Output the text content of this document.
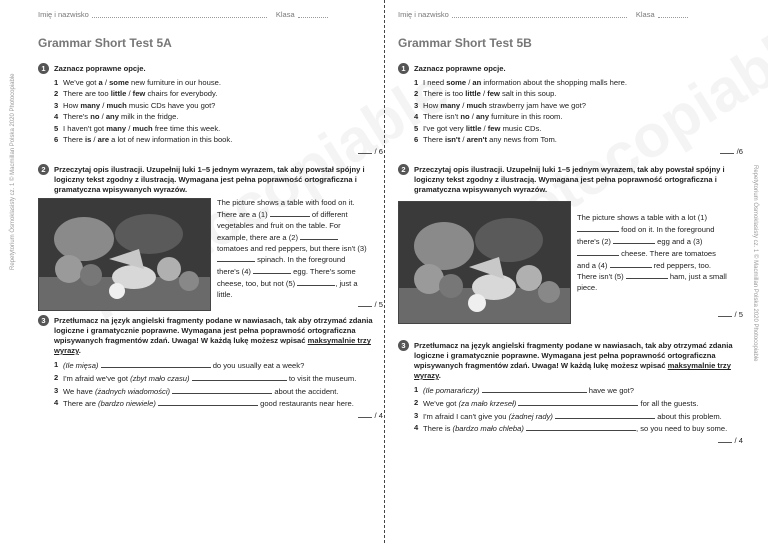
Repetytorium Ósmoklasisty cz. 1 © Macmillan Polska 2020 Photocopiable	Repetytorium Ósmoklasisty cz. 1 © Macmillan Polska 2020 Photocopiable
Imię i nazwisko	Klasa
Grammar Short Test 5A
1	Zaznacz poprawne opcje.
1 We've got a / some new furniture in our house.
2 There are too little / few chairs for everybody.
3 How many / much music CDs have you got?
4 There's no / any milk in the fridge.
5 I haven't got many / much free time this week.
6 There is / are a lot of new information in this book.
/ 6
2	Przeczytaj opis ilustracji. Uzupełnij luki 1–5 jednym wyrazem, tak aby powstał spójny i logiczny tekst zgodny z ilustracją. Wymagana jest pełna poprawność ortograficzna i gramatyczna wpisywanych wyrazów.
The picture shows a table with food on it. There are a (1)	of different vegetables and fruit on the table. For example, there are a (2)  tomatoes and red peppers, but there isn't (3)  spinach. In the foreground there's (4)	egg. There's some cheese, too, but not (5)	, just a little.
/ 5
3	Przetłumacz na język angielski fragmenty podane w nawiasach, tak aby otrzymać zdania logiczne i gramatycznie poprawne. Wymagana jest pełna poprawność ortograficzna wpisywanych fragmentów zdań. Uwaga! W każdą lukę możesz wpisać maksymalnie trzy wyrazy.
1 (Ile mięsa)	do you usually eat a week?
2 I'm afraid we've got (zbyt mało czasu)	to visit the museum.
3 We have (żadnych wiadomości)	about the accident.
4 There are (bardzo niewiele)	good restaurants near here.
/ 4
Imię i nazwisko	Klasa
Grammar Short Test 5B
1	Zaznacz poprawne opcje.
1 I need some / an information about the shopping malls here.
2 There is too little / few salt in this soup.
3 How many / much strawberry jam have we got?
4 There isn't no / any furniture in this room.
5 I've got very little / few music CDs.
6 There isn't / aren't any news from Tom.
/6
2	Przeczytaj opis ilustracji. Uzupełnij luki 1–5 jednym wyrazem, tak aby powstał spójny i logiczny tekst zgodny z ilustracją. Wymagana jest pełna poprawność ortograficzna i gramatyczna wpisywanych wyrazów.
The picture shows a table with a lot (1)  food on it. In the foreground there's (2)	egg and a (3)  cheese. There are tomatoes and a (4)	red peppers, too. There isn't (5)	ham, just a small piece.
/ 5
3	Przetłumacz na język angielski fragmenty podane w nawiasach, tak aby otrzymać zdania logiczne i gramatycznie poprawne. Wymagana jest pełna poprawność ortograficzna wpisywanych fragmentów zdań. Uwaga! W każdą lukę możesz wpisać maksymalnie trzy wyrazy.
1 (Ile pomarańczy)	have we got?
2 We've got (za mało krzeseł)	for all the guests.
3 I'm afraid I can't give you (żadnej rady)	about this problem.
4 There is (bardzo mało chleba)	, so you need to buy some.
/ 4
